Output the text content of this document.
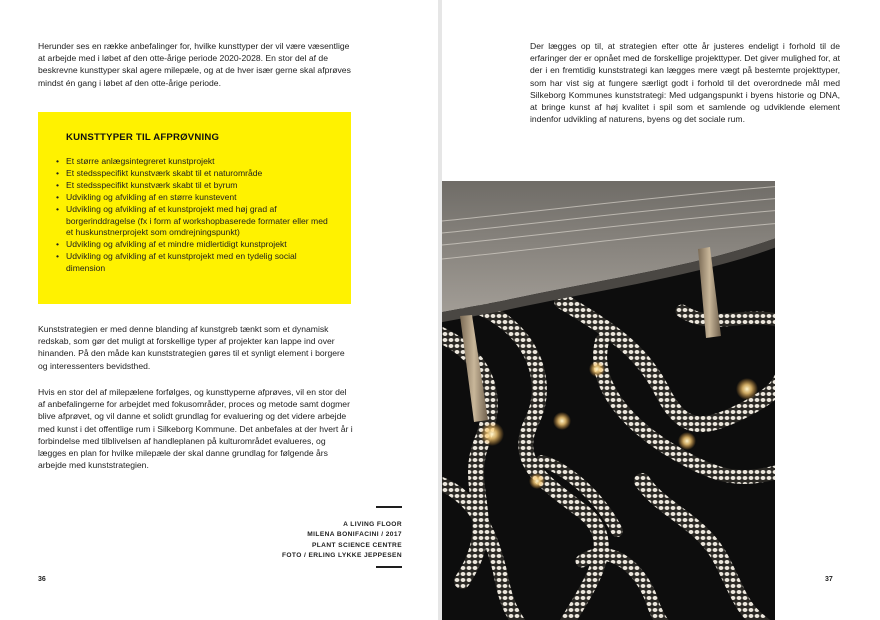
Herunder ses en række anbefalinger for, hvilke kunsttyper der vil være væsentlige at arbejde med i løbet af den otte-årige periode 2020-2028. En stor del af de beskrevne kunsttyper skal agere milepæle, og at de hver især gerne skal afprøves mindst én gang i løbet af den otte-årige periode.

KUNSTTYPER TIL AFPRØVNING
• Et større anlægsintegreret kunstprojekt
• Et stedsspecifikt kunstværk skabt til et naturområde
• Et stedsspecifikt kunstværk skabt til et byrum
• Udvikling og afvikling af en større kunstevent
• Udvikling og afvikling af et kunstprojekt med høj grad af borgerinddragelse (fx i form af workshopbaserede formater eller med et huskunstnerprojekt som omdrejningspunkt)
• Udvikling og afvikling af et mindre midlertidigt kunstprojekt
• Udvikling og afvikling af et kunstprojekt med en tydelig social dimension

Kunststrategien er med denne blanding af kunstgreb tænkt som et dynamisk redskab, som gør det muligt at forskellige typer af projekter kan lappe ind over hinanden. På den måde kan kunststrategien gøres til et synligt element i borgere og interessenters bevidsthed.

Hvis en stor del af milepælene forfølges, og kunsttyperne afprøves, vil en stor del af anbefalingerne for arbejdet med fokusområder, proces og metode samt dogmer blive afprøvet, og vil danne et solidt grundlag for evaluering og det videre arbejde med kunst i det offentlige rum i Silkeborg Kommune. Det anbefales at der hvert år i forbindelse med tilblivelsen af handleplanen på kulturområdet evalueres, og lægges en plan for hvilke milepæle der skal danne grundlag for følgende års arbejde med kunststrategien.

A LIVING FLOOR
MILENA BONIFACINI / 2017
PLANT SCIENCE CENTRE
FOTO / ERLING LYKKE JEPPESEN
36

Der lægges op til, at strategien efter otte år justeres endeligt i forhold til de erfaringer der er opnået med de forskellige projekttyper. Det giver mulighed for, at der i en fremtidig kunststrategi kan lægges mere vægt på bestemte projekttyper, som har vist sig at fungere særligt godt i forhold til det overordnede mål med Silkeborg Kommunes kunststrategi: Med udgangspunkt i byens historie og DNA, at bringe kunst af høj kvalitet i spil som et samlende og udviklende element indenfor udvikling af naturens, byens og det sociale rum.

37
